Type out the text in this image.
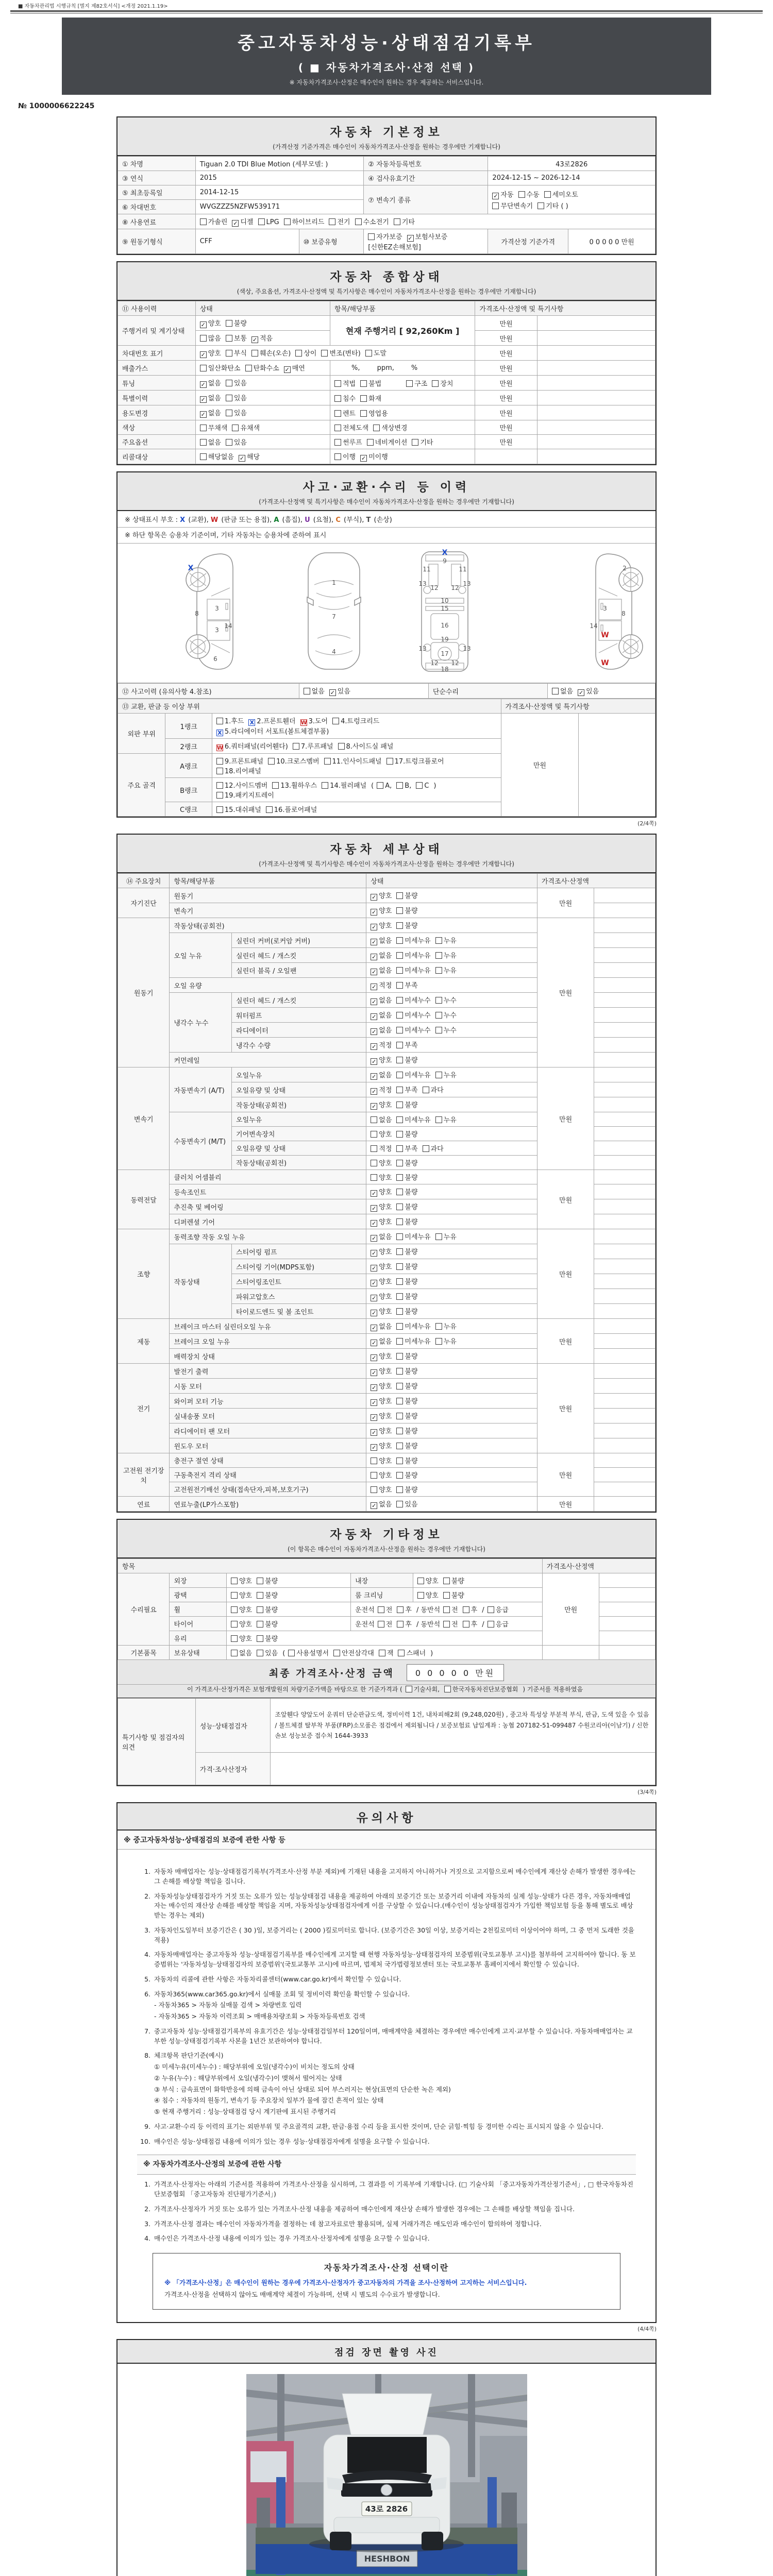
■ 자동차관리법 시행규칙 [별지 제82호서식] <개정 2021.1.19>
중고자동차성능·상태점검기록부
( ■ 자동차가격조사·산정 선택 )
※ 자동차가격조사·산정은 매수인이 원하는 경우 제공하는 서비스입니다.
№ 1000006622245
자동차 기본정보
(가격산정 기준가격은 매수인이 자동차가격조사·산정을 원하는 경우에만 기재합니다)
① 차명	Tiguan 2.0 TDI Blue Motion (세부모델: )		② 자동차등록번호	43로2826	
③ 연식	2015		④ 검사유효기간	2024-12-15 ~ 2026-12-14	
⑤ 최초등록일	2014-12-15		⑦ 변속기 종류	✓ 자동 수동 세미오토
무단변속기 기타 ( )	

⑥ 차대번호	WVGZZZ5NZFW539171				
⑧ 사용연료	가솔린 ✓ 디젤 LPG 하이브리드 전기 수소전기 기타				
⑨ 원동기형식	CFF	⑩ 보증유형	자가보증 ✓ 보험사보증[신한EZ손해보험]	가격산정 기준가격	0 0 0 0 0 만원
자동차 종합상태
(색상, 주요옵션, 가격조사·산정액 및 특기사항은 매수인이 자동차가격조사·산정을 원하는 경우에만 기재합니다)
⑪ 사용이력	상태	항목/해당부품	가격조사·산정액 및 특기사항	
주행거리 및 계기상태	✓ 양호 불량	현재 주행거리 [ 92,260Km ]	만원	
	많음 보통 ✓ 적음		만원	
차대번호 표기	✓ 양호 부식 훼손(오손) 상이 변조(변타) 도말		만원	
배출가스	일산화탄소 탄화수소 ✓ 매연	%,        ppm,        %	만원	
튜닝	✓ 없음 있음	적법 불법 구조 장치	만원	
특별이력	✓ 없음 있음	침수 화재	만원	
용도변경	✓ 없음 있음	렌트 영업용	만원	
색상	무채색 유채색	전체도색 색상변경	만원	
주요옵션	없음 있음	썬루프 네비게이션 기타	만원	
리콜대상	해당없음 ✓ 해당	이행 ✓ 미이행		
사고·교환·수리 등 이력
(가격조사·산정액 및 특기사항은 매수인이 자동차가격조사·산정을 원하는 경우에만 기재합니다)
※ 상태표시 부호 : X (교환), W (판금 또는 용접), A (흠집), U (요철), C (부식), T (손상)
※ 하단 항목은 승용차 기준이며, 기타 자동차는 승용차에 준하여 표시
X
8
3
14
3
6
1
7
4
X
9
11	11
13	13
12 12
10
15
16
13	13
19
12 12
17
18
2
3
8
14
W
W
⑫ 사고이력 (유의사항 4.참조)	없음 ✓ 있음	단순수리	없음 ✓ 있음
⑬ 교환, 판금 등 이상 부위			가격조사·산정액 및 특기사항	
외판 부위	1랭크	1.후드 X 2.프론트휀더 W 3.도어 4.트렁크리드
X 5.라디에이터 서포트(볼트체결부품)	만원	
	2랭크	W 6.쿼터패널(리어휀다) 7.루프패널 8.사이드실 패널		
주요 골격	A랭크	9.프론트패널 10.크로스멤버 11.인사이드패널 17.트렁크플로어
18.리어패널		
	B랭크	12.사이드멤버 13.휠하우스 14.필러패널 ( A, B, C )
19.패키지트레이		
	C랭크	15.대쉬패널 16.플로어패널		
(2/4쪽)
자동차 세부상태
(가격조사·산정액 및 특기사항은 매수인이 자동차가격조사·산정을 원하는 경우에만 기재합니다)
⑭ 주요장치	항목/해당부품		상태	가격조사·산정액	
자기진단	원동기		✓ 양호 불량	만원	
	변속기		✓ 양호 불량		
원동기	작동상태(공회전)		✓ 양호 불량	만원	
	오일 누유	실린더 커버(로커암 커버)	✓ 없음 미세누유 누유		
		실린더 헤드 / 개스킷	✓ 없음 미세누유 누유		
		실린더 블록 / 오일팬	✓ 없음 미세누유 누유		
	오일 유량		✓ 적정 부족		
	냉각수 누수	실린더 헤드 / 개스킷	✓ 없음 미세누수 누수		
		워터펌프	✓ 없음 미세누수 누수		
		라디에이터	✓ 없음 미세누수 누수		
		냉각수 수량	✓ 적정 부족		
	커먼레일		✓ 양호 불량		
변속기	자동변속기 (A/T)	오일누유	✓ 없음 미세누유 누유	만원	
		오일유량 및 상태	✓ 적정 부족 과다		
		작동상태(공회전)	✓ 양호 불량		
	수동변속기 (M/T)	오일누유	없음 미세누유 누유		
		기어변속장치	양호 불량		
		오일유량 및 상태	적정 부족 과다		
		작동상태(공회전)	양호 불량		
동력전달	클러치 어셈블리		양호 불량	만원	
	등속조인트		✓ 양호 불량		
	추진축 및 베어링		✓ 양호 불량		
	디퍼렌셜 기어		✓ 양호 불량		
조향	동력조향 작동 오일 누유		✓ 없음 미세누유 누유	만원	
	작동상태	스티어링 펌프	✓ 양호 불량		
		스티어링 기어(MDPS포함)	✓ 양호 불량		
		스티어링조인트	✓ 양호 불량		
		파워고압호스	✓ 양호 불량		
		타이로드엔드 및 볼 조인트	✓ 양호 불량		
제동	브레이크 마스터 실린더오일 누유		✓ 없음 미세누유 누유	만원	
	브레이크 오일 누유		✓ 없음 미세누유 누유		
	배력장치 상태		✓ 양호 불량		
전기	발전기 출력		✓ 양호 불량	만원	
	시동 모터		✓ 양호 불량		
	와이퍼 모터 기능		✓ 양호 불량		
	실내송풍 모터		✓ 양호 불량		
	라디에이터 팬 모터		✓ 양호 불량		
	윈도우 모터		✓ 양호 불량		
고전원 전기장치	충전구 절연 상태		양호 불량	만원	
	구동축전지 격리 상태		양호 불량		
	고전원전기배선 상태(접속단자,피복,보호기구)		양호 불량		
연료	연료누출(LP가스포함)		✓ 없음 있음	만원	
자동차 기타정보
(이 항목은 매수인이 자동차가격조사·산정을 원하는 경우에만 기재합니다)
항목					가격조사·산정액	
수리필요	외장	양호 불량	내장	양호 불량	만원	
	광택	양호 불량	룸 크리닝	양호 불량		
	휠	양호 불량	운전석 전 후 / 동반석 전 후 / 응급			
	타이어	양호 불량	운전석 전 후 / 동반석 전 후 / 응급			
	유리	양호 불량				
기본품목	보유상태	없음 있음 ( 사용설명서 안전삼각대 잭 스패너 )				
최종 가격조사·산정 금액	0 0 0 0 0 만원
이 가격조사·산정가격은 보험개발원의 차량기준가액을 바탕으로 한 기준가격과 ( 기술사회, 한국자동차진단보증협회 ) 기준서를 적용하였음
특기사항 및 점검자의 의견	성능·상태점검자	조앞휀다 양앞도어 운쿼터 단순판금도색, 정비이력 1건, 내차피해2회 (9,248,020원) , 중고차 특성상 부분적 부식, 판금, 도색 있을 수 있음 / 볼트체결 탈부착 부품(FRP)소모품은 점검에서 제외됩니다 / 보증보험료 납입계좌 : 농협 207182-51-099487 수원코리아(이남기) / 신한손보 성능보증 접수처 1644-3933
	가격·조사산정자	
(3/4쪽)
유의사항
※ 중고자동차성능·상태점검의 보증에 관한 사항 등
1. 자동차 매매업자는 성능·상태점검기록부(가격조사·산정 부분 제외)에 기재된 내용을 고지하지 아니하거나 거짓으로 고지함으로써 매수인에게 재산상 손해가 발생한 경우에는 그 손해를 배상할 책임을 집니다.
2. 자동차성능상태점검자가 거짓 또는 오류가 있는 성능상태점검 내용을 제공하여 아래의 보증기간 또는 보증거리 이내에 자동차의 실제 성능·상태가 다른 경우, 자동차매매업자는 매수인의 재산상 손해를 배상할 책임을 지며, 자동차성능상태점검자에게 이를 구상할 수 있습니다.(매수인이 성능상태점검자가 가입한 책임보험 등을 통해 별도로 배상받는 경우는 제외)
3. 자동차인도일부터 보증기간은 ( 30 )일, 보증거리는 ( 2000 )킬로미터로 합니다. (보증기간은 30일 이상, 보증거리는 2천킬로미터 이상이어야 하며, 그 중 먼저 도래한 것을 적용)
4. 자동차매매업자는 중고자동차 성능·상태점검기록부를 매수인에게 고지할 때 현행 자동차성능·상태점검자의 보증범위(국토교통부 고시)를 첨부하여 고지하여야 합니다. 동 보증범위는 '자동차성능·상태점검자의 보증범위'(국토교통부 고시)에 따르며, 법제처 국가법령정보센터 또는 국토교통부 홈페이지에서 확인할 수 있습니다.
5. 자동차의 리콜에 관한 사항은 자동차리콜센터(www.car.go.kr)에서 확인할 수 있습니다.
6. 자동차365(www.car365.go.kr)에서 실매물 조회 및 정비이력 확인을 확인할 수 있습니다.
- 자동차365 > 자동차 실매물 검색 > 차량번호 입력
- 자동차365 > 자동차 이력조회 > 매매용차량조회 > 자동차등록번호 검색
7. 중고자동차 성능·상태점검기록부의 유효기간은 성능·상태점검일부터 120일이며, 매매계약을 체결하는 경우에만 매수인에게 고지·교부할 수 있습니다. 자동차매매업자는 교부한 성능·상태점검기록부 사본을 1년간 보관하여야 합니다.
8. 체크항목 판단기준(예시)
① 미세누유(미세누수) : 해당부위에 오일(냉각수)이 비치는 정도의 상태
② 누유(누수) : 해당부위에서 오일(냉각수)이 맺혀서 떨어지는 상태
③ 부식 : 금속표면이 화학반응에 의해 금속이 아닌 상태로 되어 부스러지는 현상(표면의 단순한 녹은 제외)
④ 침수 : 자동차의 원동기, 변속기 등 주요장치 일부가 물에 잠긴 흔적이 있는 상태
⑤ 현재 주행거리 : 성능·상태점검 당시 계기판에 표시된 주행거리
9. 사고·교환·수리 등 이력의 표기는 외판부위 및 주요골격의 교환, 판금·용접 수리 등을 표시한 것이며, 단순 긁힘·찍힘 등 경미한 수리는 표시되지 않을 수 있습니다.
10. 매수인은 성능·상태점검 내용에 이의가 있는 경우 성능·상태점검자에게 설명을 요구할 수 있습니다.
※ 자동차가격조사·산정의 보증에 관한 사항
1. 가격조사·산정자는 아래의 기준서를 적용하여 가격조사·산정을 실시하며, 그 결과를 이 기록부에 기재합니다. (□ 기술사회 「중고자동차가격산정기준서」, □ 한국자동차진단보증협회 「중고자동차 진단평가기준서」)
2. 가격조사·산정자가 거짓 또는 오류가 있는 가격조사·산정 내용을 제공하여 매수인에게 재산상 손해가 발생한 경우에는 그 손해를 배상할 책임을 집니다.
3. 가격조사·산정 결과는 매수인이 자동차가격을 결정하는 데 참고자료로만 활용되며, 실제 거래가격은 매도인과 매수인이 합의하여 정합니다.
4. 매수인은 가격조사·산정 내용에 이의가 있는 경우 가격조사·산정자에게 설명을 요구할 수 있습니다.
자동차가격조사·산정 선택이란
※ 「가격조사·산정」은 매수인이 원하는 경우에 가격조사·산정자가 중고자동차의 가격을 조사·산정하여 고지하는 서비스입니다.
가격조사·산정을 선택하지 않아도 매매계약 체결이 가능하며, 선택 시 별도의 수수료가 발생합니다.
(4/4쪽)
점검 장면 촬영 사진
HESHBON
43로 2826
